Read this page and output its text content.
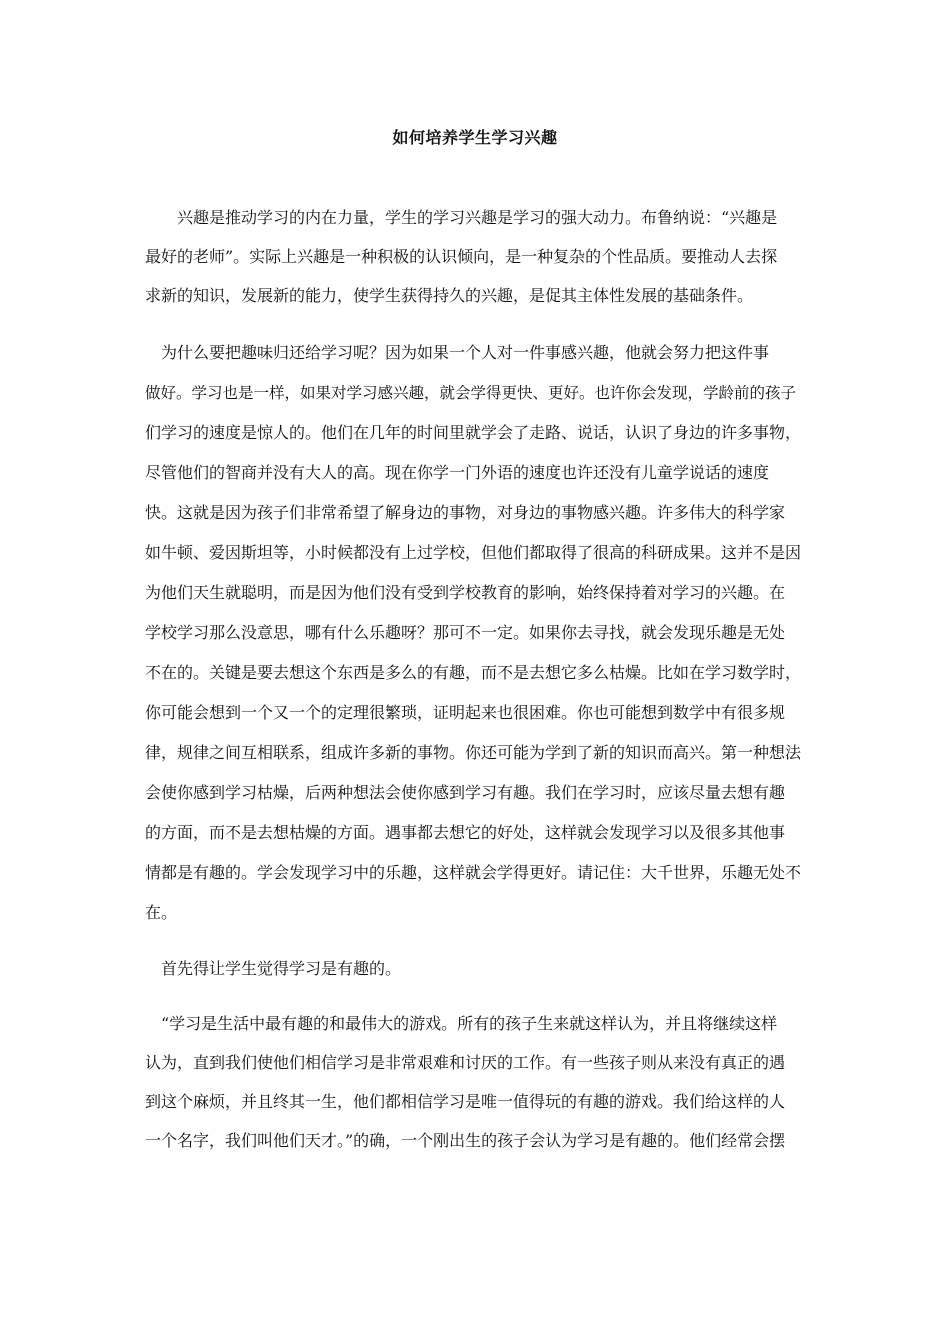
如何培养学生学习兴趣
　　兴趣是推动学习的内在力量，学生的学习兴趣是学习的强大动力。布鲁纳说：“兴趣是
最好的老师”。实际上兴趣是一种积极的认识倾向，是一种复杂的个性品质。要推动人去探
求新的知识，发展新的能力，使学生获得持久的兴趣，是促其主体性发展的基础条件。
　为什么要把趣味归还给学习呢？因为如果一个人对一件事感兴趣，他就会努力把这件事
做好。学习也是一样，如果对学习感兴趣，就会学得更快、更好。也许你会发现，学龄前的孩子
们学习的速度是惊人的。他们在几年的时间里就学会了走路、说话，认识了身边的许多事物，
尽管他们的智商并没有大人的高。现在你学一门外语的速度也许还没有儿童学说话的速度
快。这就是因为孩子们非常希望了解身边的事物，对身边的事物感兴趣。许多伟大的科学家
如牛顿、爱因斯坦等，小时候都没有上过学校，但他们都取得了很高的科研成果。这并不是因
为他们天生就聪明，而是因为他们没有受到学校教育的影响，始终保持着对学习的兴趣。在
学校学习那么没意思，哪有什么乐趣呀？那可不一定。如果你去寻找，就会发现乐趣是无处
不在的。关键是要去想这个东西是多么的有趣，而不是去想它多么枯燥。比如在学习数学时，
你可能会想到一个又一个的定理很繁琐，证明起来也很困难。你也可能想到数学中有很多规
律，规律之间互相联系，组成许多新的事物。你还可能为学到了新的知识而高兴。第一种想法
会使你感到学习枯燥，后两种想法会使你感到学习有趣。我们在学习时，应该尽量去想有趣
的方面，而不是去想枯燥的方面。遇事都去想它的好处，这样就会发现学习以及很多其他事
情都是有趣的。学会发现学习中的乐趣，这样就会学得更好。请记住：大千世界，乐趣无处不
在。
　首先得让学生觉得学习是有趣的。
　“学习是生活中最有趣的和最伟大的游戏。所有的孩子生来就这样认为，并且将继续这样
认为，直到我们使他们相信学习是非常艰难和讨厌的工作。有一些孩子则从来没有真正的遇
到这个麻烦，并且终其一生，他们都相信学习是唯一值得玩的有趣的游戏。我们给这样的人
一个名字，我们叫他们天才。”的确，一个刚出生的孩子会认为学习是有趣的。他们经常会摆
